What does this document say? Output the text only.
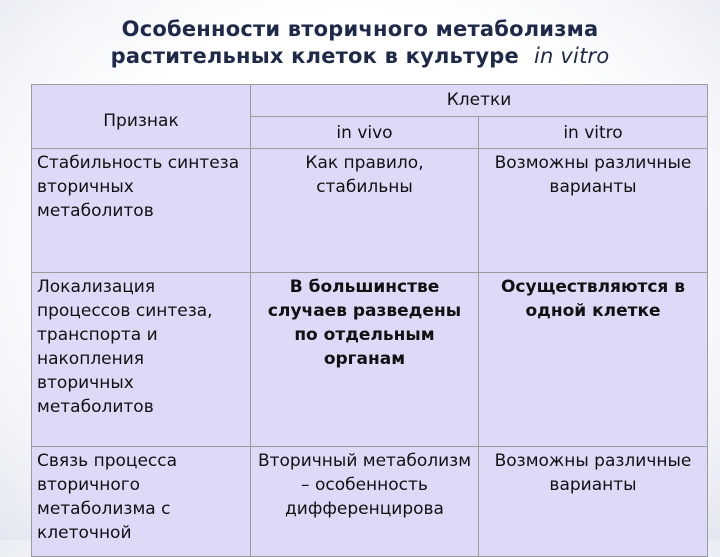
Особенности вторичного метаболизма
растительных клеток в культуре in vitro
Признак	Клетки	

	in vivo	in vitro

Стабильность синтеза вторичных метаболитов	Как правило, стабильны	Возможны различные варианты

Локализация процессов синтеза, транспорта и накопления вторичных метаболитов	В большинстве случаев разведены по отдельным органам	Осуществляются в одной клетке

Связь процесса вторичного метаболизма с клеточной	Вторичный метаболизм – особенность дифференцирова	Возможны различные варианты
